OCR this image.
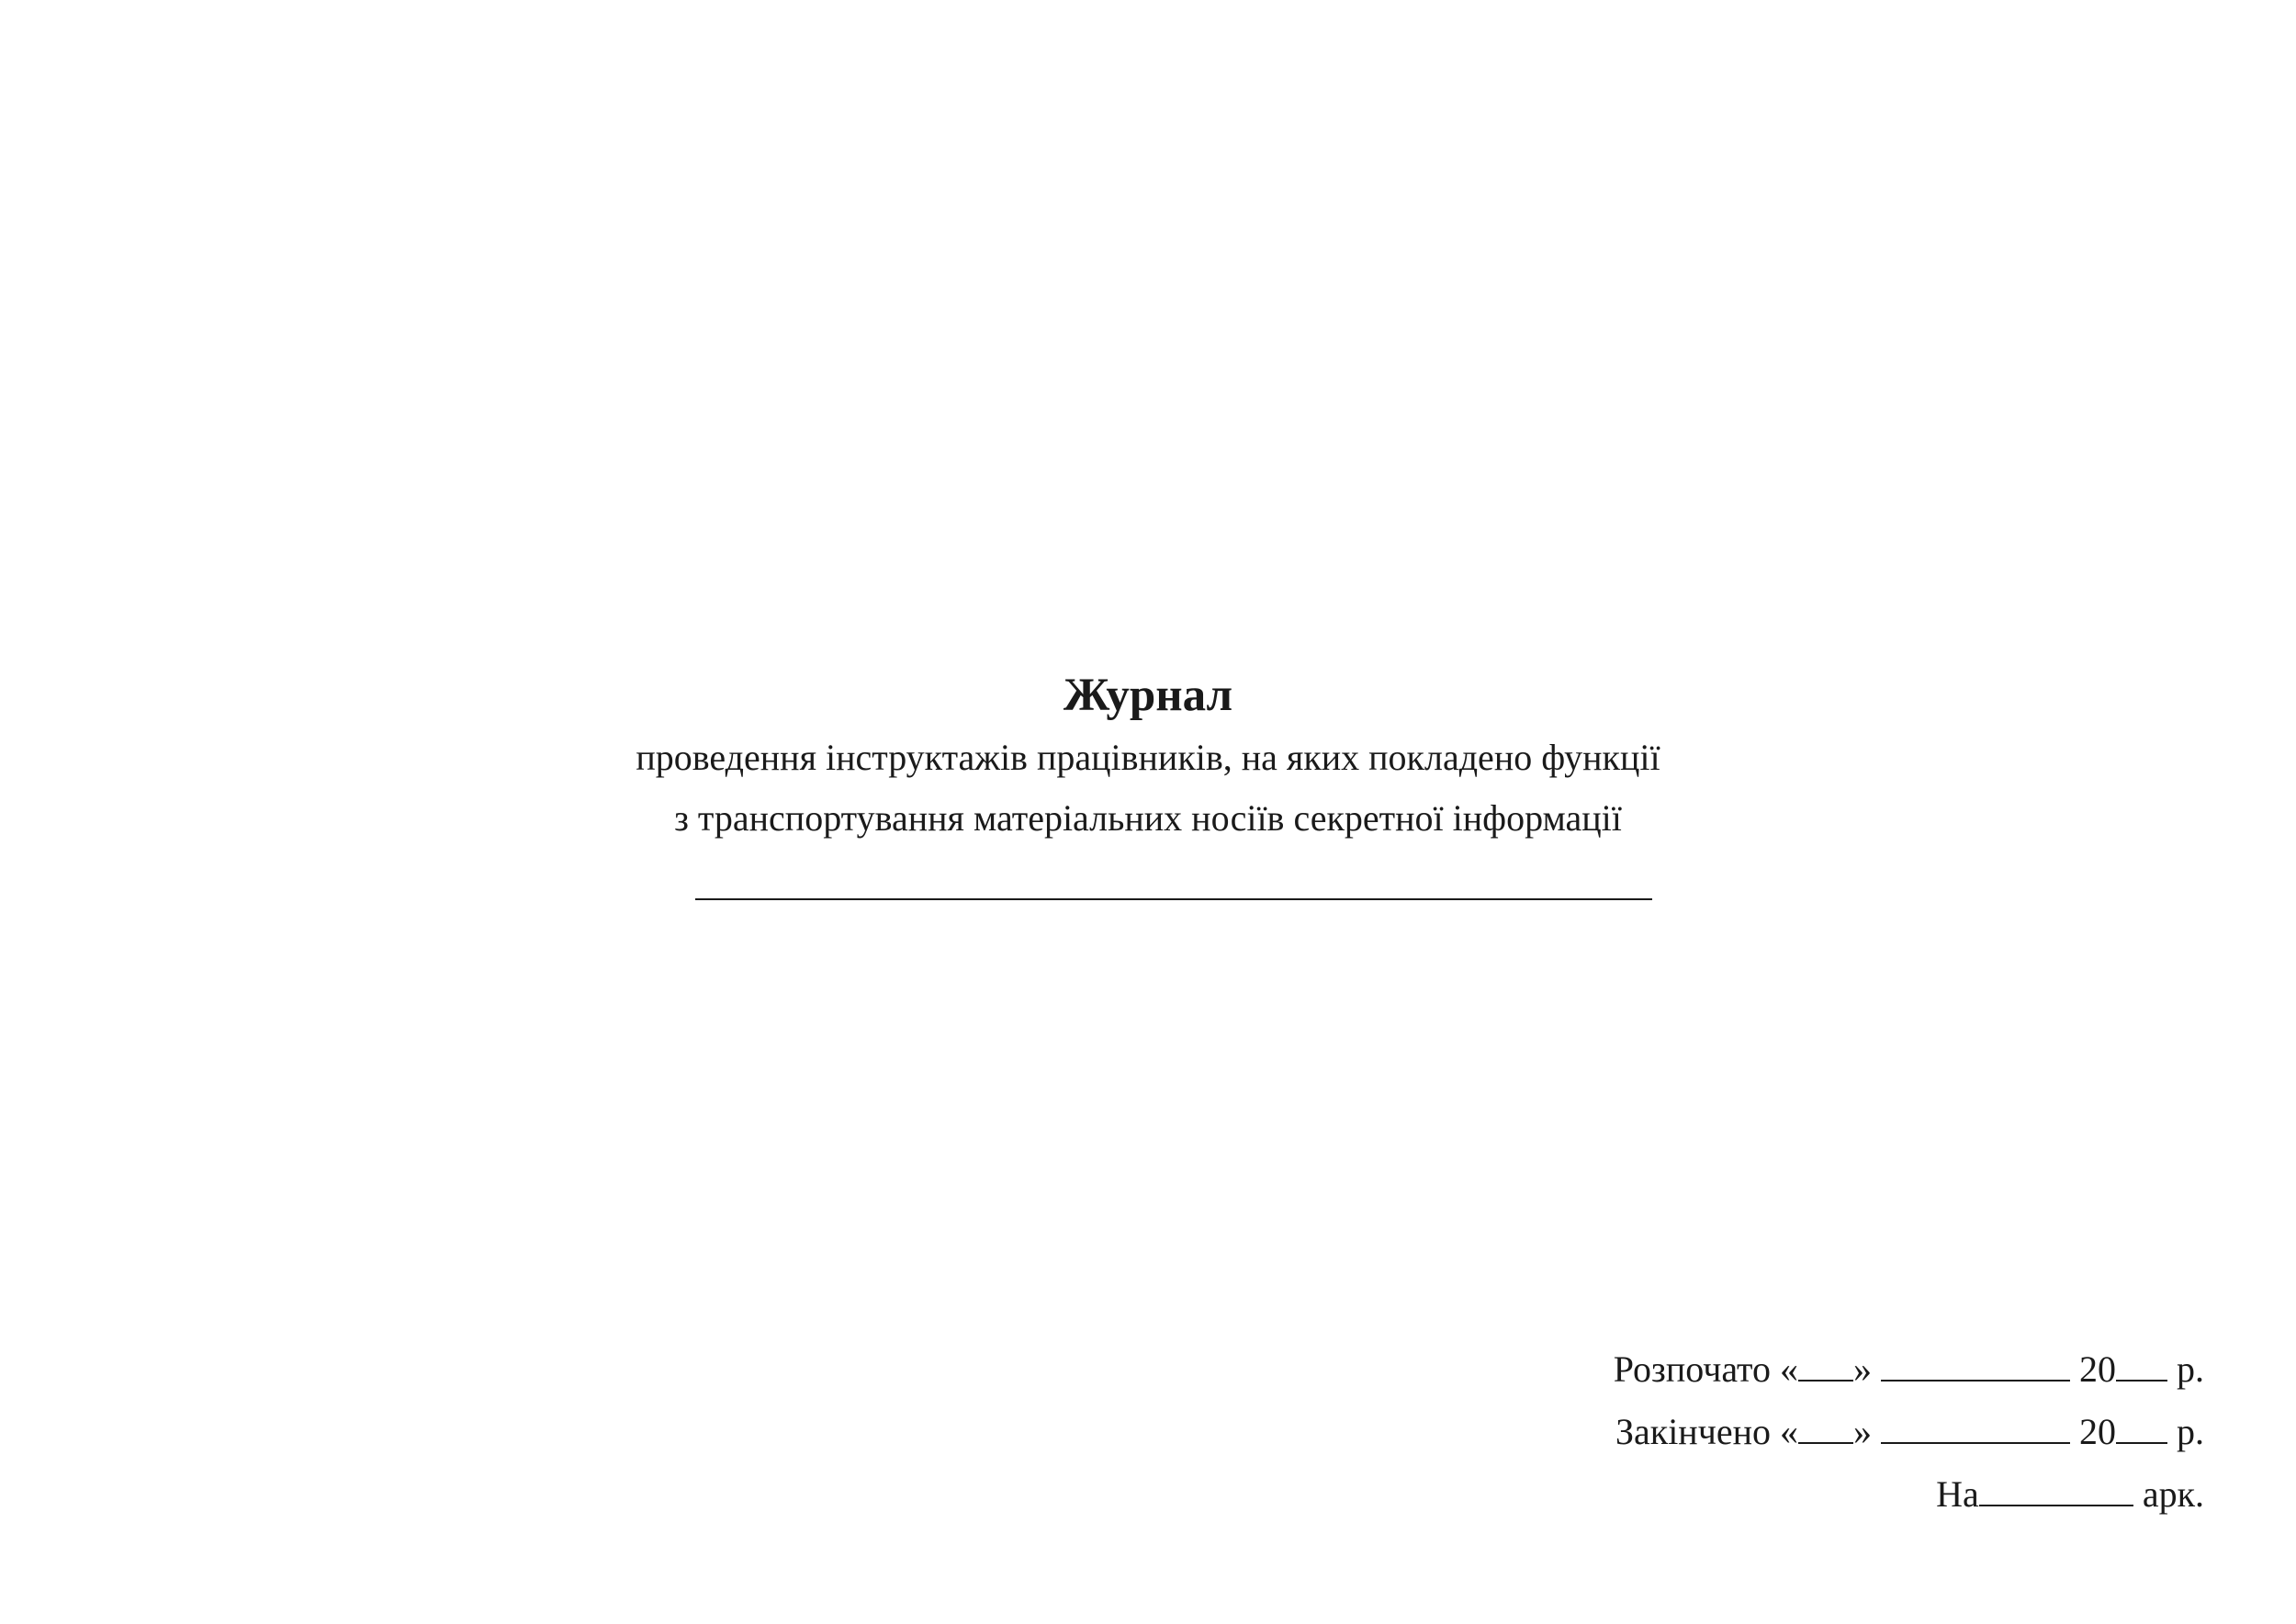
Журнал

проведення інструктажів працівників, на яких покладено функції

з транспортування матеріальних носіїв секретної інформації

Розпочато « »	20 р.

Закінчено « »	20 р.

На	арк.
